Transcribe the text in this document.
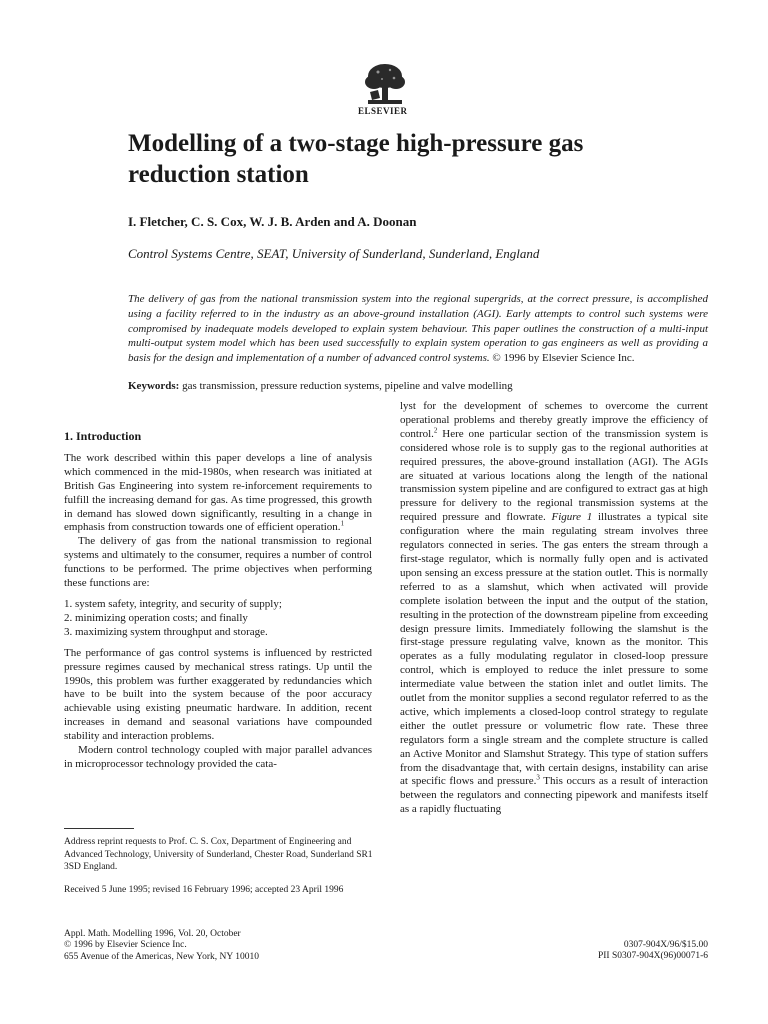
ELSEVIER
Modelling of a two-stage high-pressure gas reduction station
I. Fletcher, C. S. Cox, W. J. B. Arden and A. Doonan
Control Systems Centre, SEAT, University of Sunderland, Sunderland, England
The delivery of gas from the national transmission system into the regional supergrids, at the correct pressure, is accomplished using a facility referred to in the industry as an above-ground installation (AGI). Early attempts to control such systems were compromised by inadequate models developed to explain system behaviour. This paper outlines the construction of a multi-input multi-output system model which has been used successfully to explain system operation to gas engineers as well as providing a basis for the design and implementation of a number of advanced control systems. © 1996 by Elsevier Science Inc.
Keywords: gas transmission, pressure reduction systems, pipeline and valve modelling

1. Introduction

The work described within this paper develops a line of analysis which commenced in the mid-1980s, when research was initiated at British Gas Engineering into system re-inforcement requirements to fulfill the increasing demand for gas. As time progressed, this growth in demand has slowed down significantly, resulting in a change in emphasis from construction towards one of efficient operation.$^1$

The delivery of gas from the national transmission to regional systems and ultimately to the consumer, requires a number of control functions to be performed. The prime objectives when performing these functions are:

1. system safety, integrity, and security of supply;
2. minimizing operation costs; and finally
3. maximizing system throughput and storage.

The performance of gas control systems is influenced by restricted pressure regimes caused by mechanical stress ratings. Up until the 1990s, this problem was further exaggerated by redundancies which have to be built into the system because of the poor accuracy achievable using existing pneumatic hardware. In addition, recent increases in demand and seasonal variations have compounded stability and interaction problems.

Modern control technology coupled with major parallel advances in microprocessor technology provided the cata-

lyst for the development of schemes to overcome the current operational problems and thereby greatly improve the efficiency of control.$^2$ Here one particular section of the transmission system is considered whose role is to supply gas to the regional authorities at required pressures, the above-ground installation (AGI). The AGIs are situated at various locations along the length of the national transmission system pipeline and are configured to extract gas at high pressure for delivery to the regional transmission systems at the required pressure and flowrate. Figure 1 illustrates a typical site configuration where the main regulating stream involves three regulators connected in series. The gas enters the stream through a first-stage regulator, which is normally fully open and is activated upon sensing an excess pressure at the station outlet. This is normally referred to as a slamshut, which when activated will provide complete isolation between the input and the output of the station, resulting in the protection of the downstream pipeline from exceeding design pressure limits. Immediately following the slamshut is the first-stage pressure regulating valve, known as the monitor. This operates as a fully modulating regulator in closed-loop pressure control, which is employed to reduce the inlet pressure to some intermediate value between the station inlet and outlet limits. The outlet from the monitor supplies a second regulator referred to as the active, which implements a closed-loop control strategy to regulate either the outlet pressure or volumetric flow rate. These three regulators form a single stream and the complete structure is called an Active Monitor and Slamshut Strategy. This type of station suffers from the disadvantage that, with certain designs, instability can arise at specific flows and pressure.$^3$ This occurs as a result of interaction between the regulators and connecting pipework and manifests itself as a rapidly fluctuating

Address reprint requests to Prof. C. S. Cox, Department of Engineering and Advanced Technology, University of Sunderland, Chester Road, Sunderland SR1 3SD England.
Received 5 June 1995; revised 16 February 1996; accepted 23 April 1996
Appl. Math. Modelling 1996, Vol. 20, October
© 1996 by Elsevier Science Inc.
655 Avenue of the Americas, New York, NY 10010
0307-904X/96/$15.00
PII S0307-904X(96)00071-6
